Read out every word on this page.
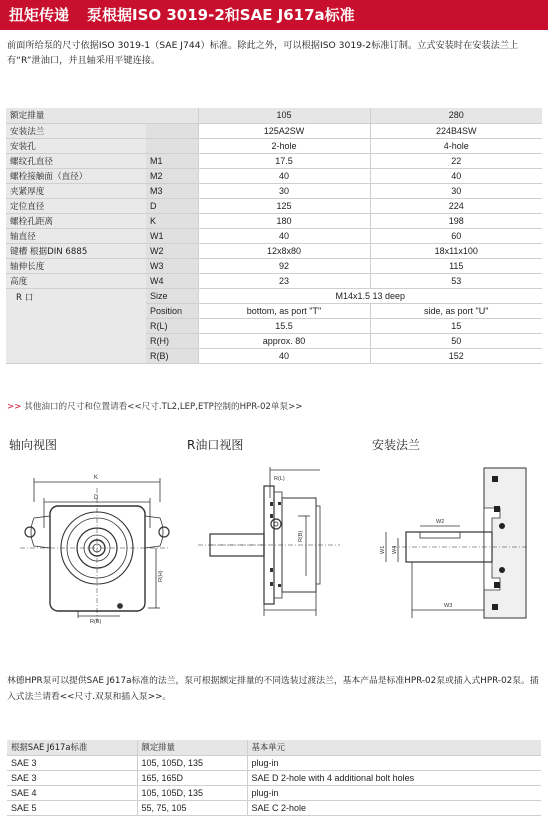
扭矩传递 泵根据ISO 3019-2和SAE J617a标准
前面所给泵的尺寸依据ISO 3019-1（SAE J744）标准。除此之外，可以根据ISO 3019-2标准订制。立式安装时在安装法兰上有“R”泄油口，并且轴采用平键连接。
额定排量		105	280
安装法兰		125A2SW	224B4SW
安装孔		2-hole	4-hole
螺纹孔直径	M1	17.5	22
螺栓接触面（直径）	M2	40	40
夹紧厚度	M3	30	30
定位直径	D	125	224
螺栓孔距离	K	180	198
轴直径	W1	40	60
键槽 根据DIN 6885	W2	12x8x80	18x11x100
轴伸长度	W3	92	115
高度	W4	23	53
R 口	Size	M14x1.5 13 deep	
	Position	bottom, as port "T"	side, as port "U"
	R(L)	15.5	15
	R(H)	approx. 80	50
	R(B)	40	152
>> 其他油口的尺寸和位置请看<<尺寸.TL2,LEP,ETP控制的HPR-02单泵>>
轴向视图	R油口视图	安装法兰
K
D
R(H)
R(B)
R(L)
R(B)
W2
W1 W4
W3
林德HPR泵可以提供SAE J617a标准的法兰，泵可根据额定排量的不同选装过渡法兰，基本产品是标准HPR-02泵或插入式HPR-02泵。插入式法兰请看<<尺寸.双泵和插入泵>>。
根据SAE J617a标准	额定排量	基本单元
SAE 3	105, 105D, 135	plug-in
SAE 3	165, 165D	SAE D 2-hole with 4 additional bolt holes
SAE 4	105, 105D, 135	plug-in
SAE 5	55, 75, 105	SAE C 2-hole
